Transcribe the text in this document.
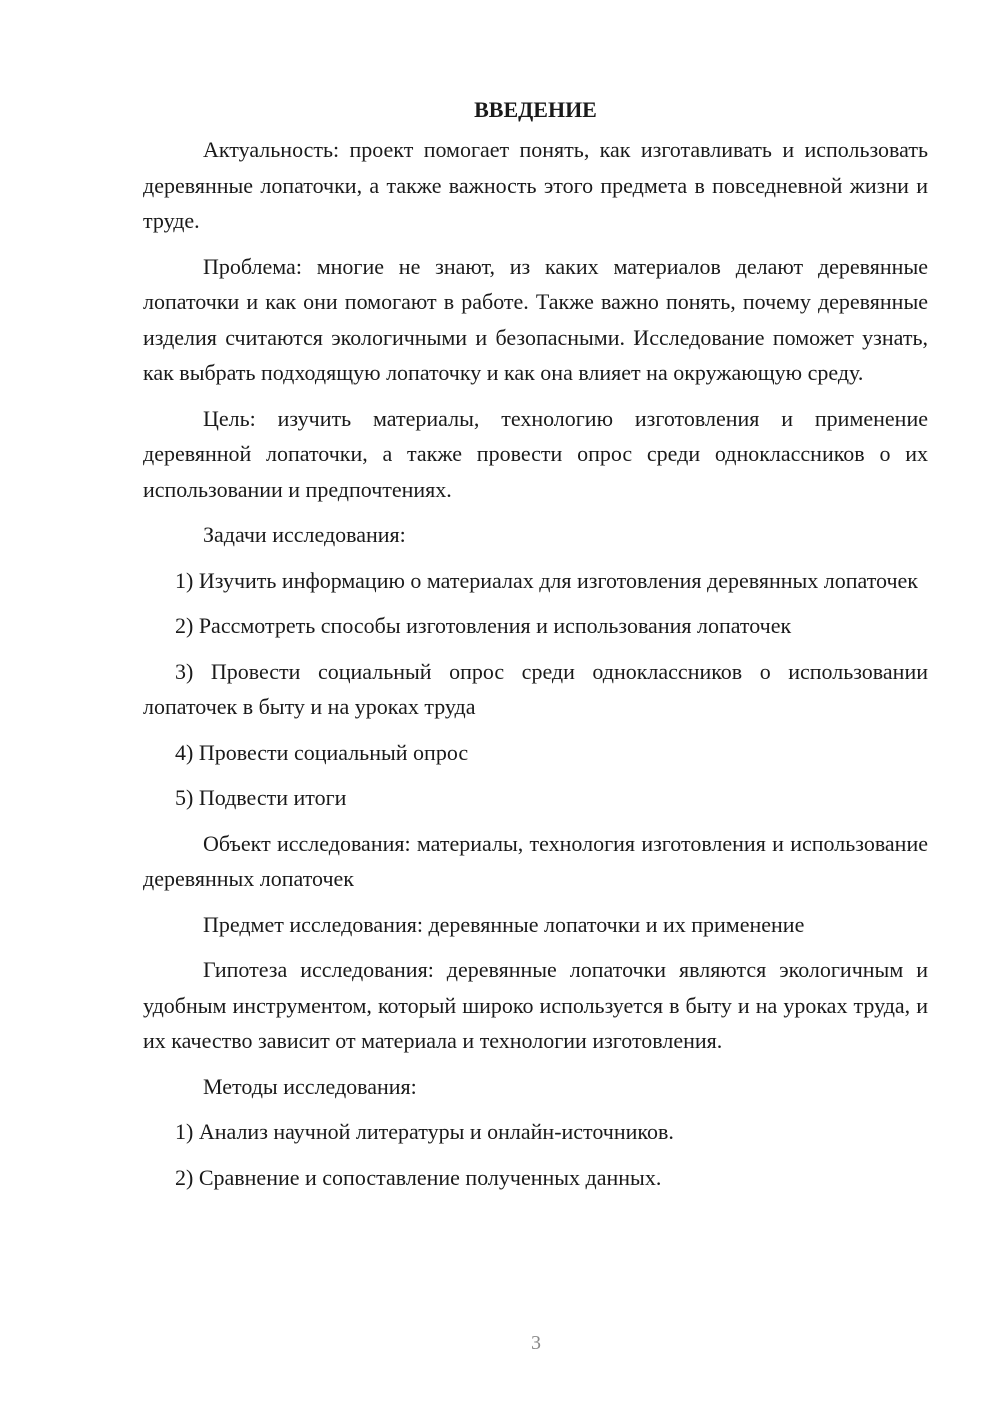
ВВЕДЕНИЕ

Актуальность: проект помогает понять, как изготавливать и использовать деревянные лопаточки, а также важность этого предмета в повседневной жизни и труде.

Проблема: многие не знают, из каких материалов делают деревянные лопаточки и как они помогают в работе. Также важно понять, почему деревянные изделия считаются экологичными и безопасными. Исследование поможет узнать, как выбрать подходящую лопаточку и как она влияет на окружающую среду.

Цель: изучить материалы, технологию изготовления и применение деревянной лопаточки, а также провести опрос среди одноклассников о их использовании и предпочтениях.

Задачи исследования:

1) Изучить информацию о материалах для изготовления деревянных лопаточек

2) Рассмотреть способы изготовления и использования лопаточек

3) Провести социальный опрос среди одноклассников о использовании лопаточек в быту и на уроках труда

4) Провести социальный опрос

5) Подвести итоги

Объект исследования: материалы, технология изготовления и использование деревянных лопаточек

Предмет исследования: деревянные лопаточки и их применение

Гипотеза исследования: деревянные лопаточки являются экологичным и удобным инструментом, который широко используется в быту и на уроках труда, и их качество зависит от материала и технологии изготовления.

Методы исследования:

1) Анализ научной литературы и онлайн-источников.

2) Сравнение и сопоставление полученных данных.

3
